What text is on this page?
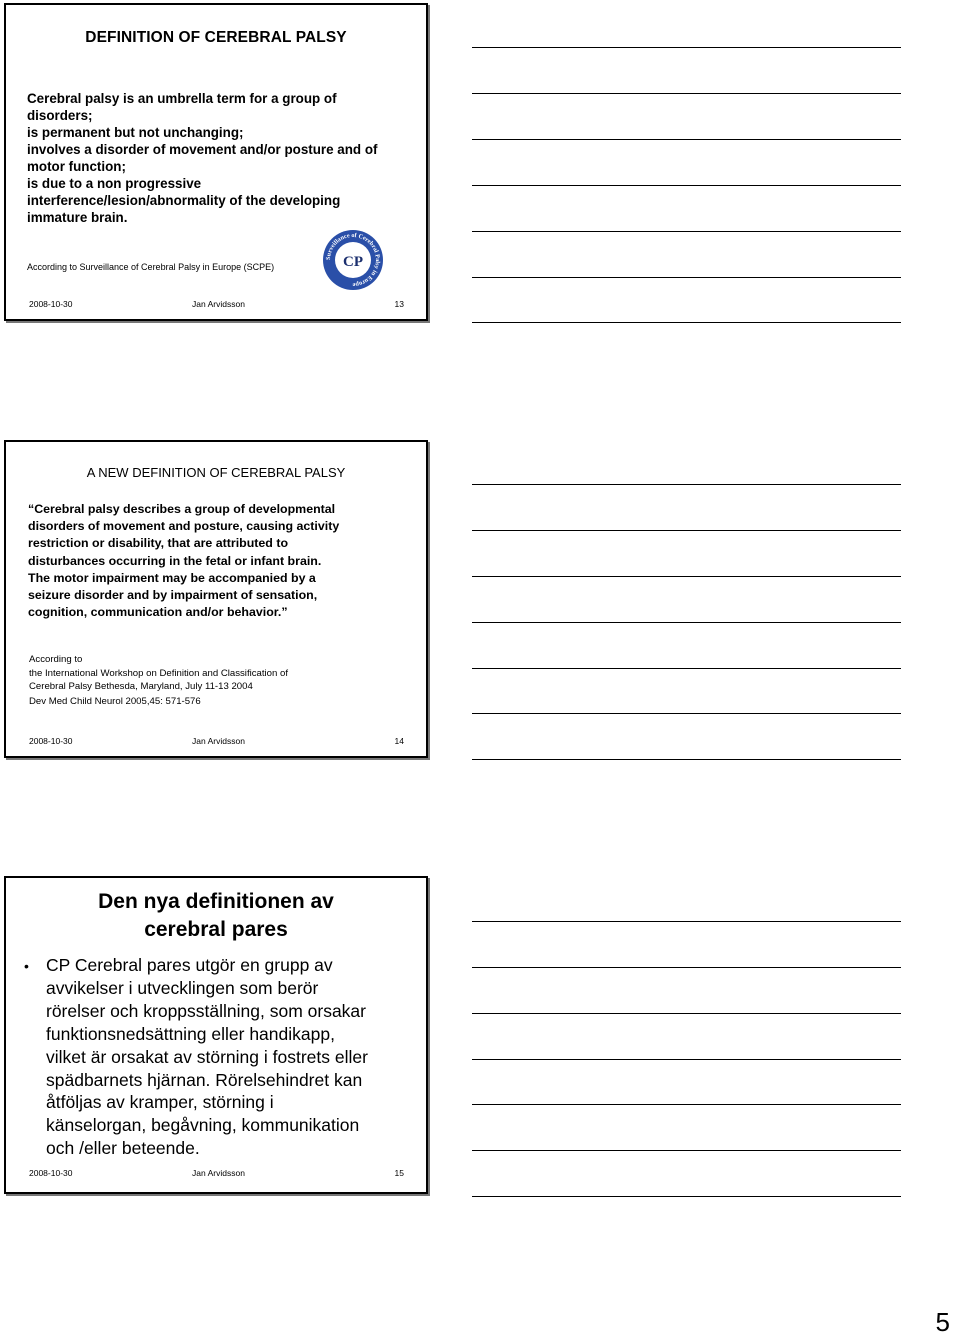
DEFINITION OF CEREBRAL PALSY

Cerebral palsy is an umbrella term for a group of
disorders;
is permanent but not unchanging;
involves a disorder of movement and/or posture and of
motor function;
is due to a non progressive
interference/lesion/abnormality of the developing
immature brain.

According to Surveillance of Cerebral Palsy in Europe (SCPE)
Surveillance of Cerebral Palsy in Europe
CP
2008-10-30	Jan Arvidsson	13
A NEW DEFINITION OF CEREBRAL PALSY

“Cerebral palsy describes a group of developmental
disorders of movement and posture, causing activity
restriction or disability, that are attributed to
disturbances occurring in the fetal or infant brain.
The motor impairment may be accompanied by a
seizure disorder and by impairment of sensation,
cognition, communication and/or behavior.”

According to
the International Workshop on Definition and Classification of
Cerebral Palsy Bethesda, Maryland, July 11-13 2004
Dev Med Child Neurol 2005,45: 571-576
2008-10-30	Jan Arvidsson	14
Den nya definitionen av
cerebral pares
• CP Cerebral pares utgör en grupp av
avvikelser i utvecklingen som berör
rörelser och kroppsställning, som orsakar
funktionsnedsättning eller handikapp,
vilket är orsakat av störning i fostrets eller
spädbarnets hjärnan. Rörelsehindret kan
åtföljas av kramper, störning i
känselorgan, begåvning, kommunikation
och /eller beteende.

2008-10-30	Jan Arvidsson	15
5
